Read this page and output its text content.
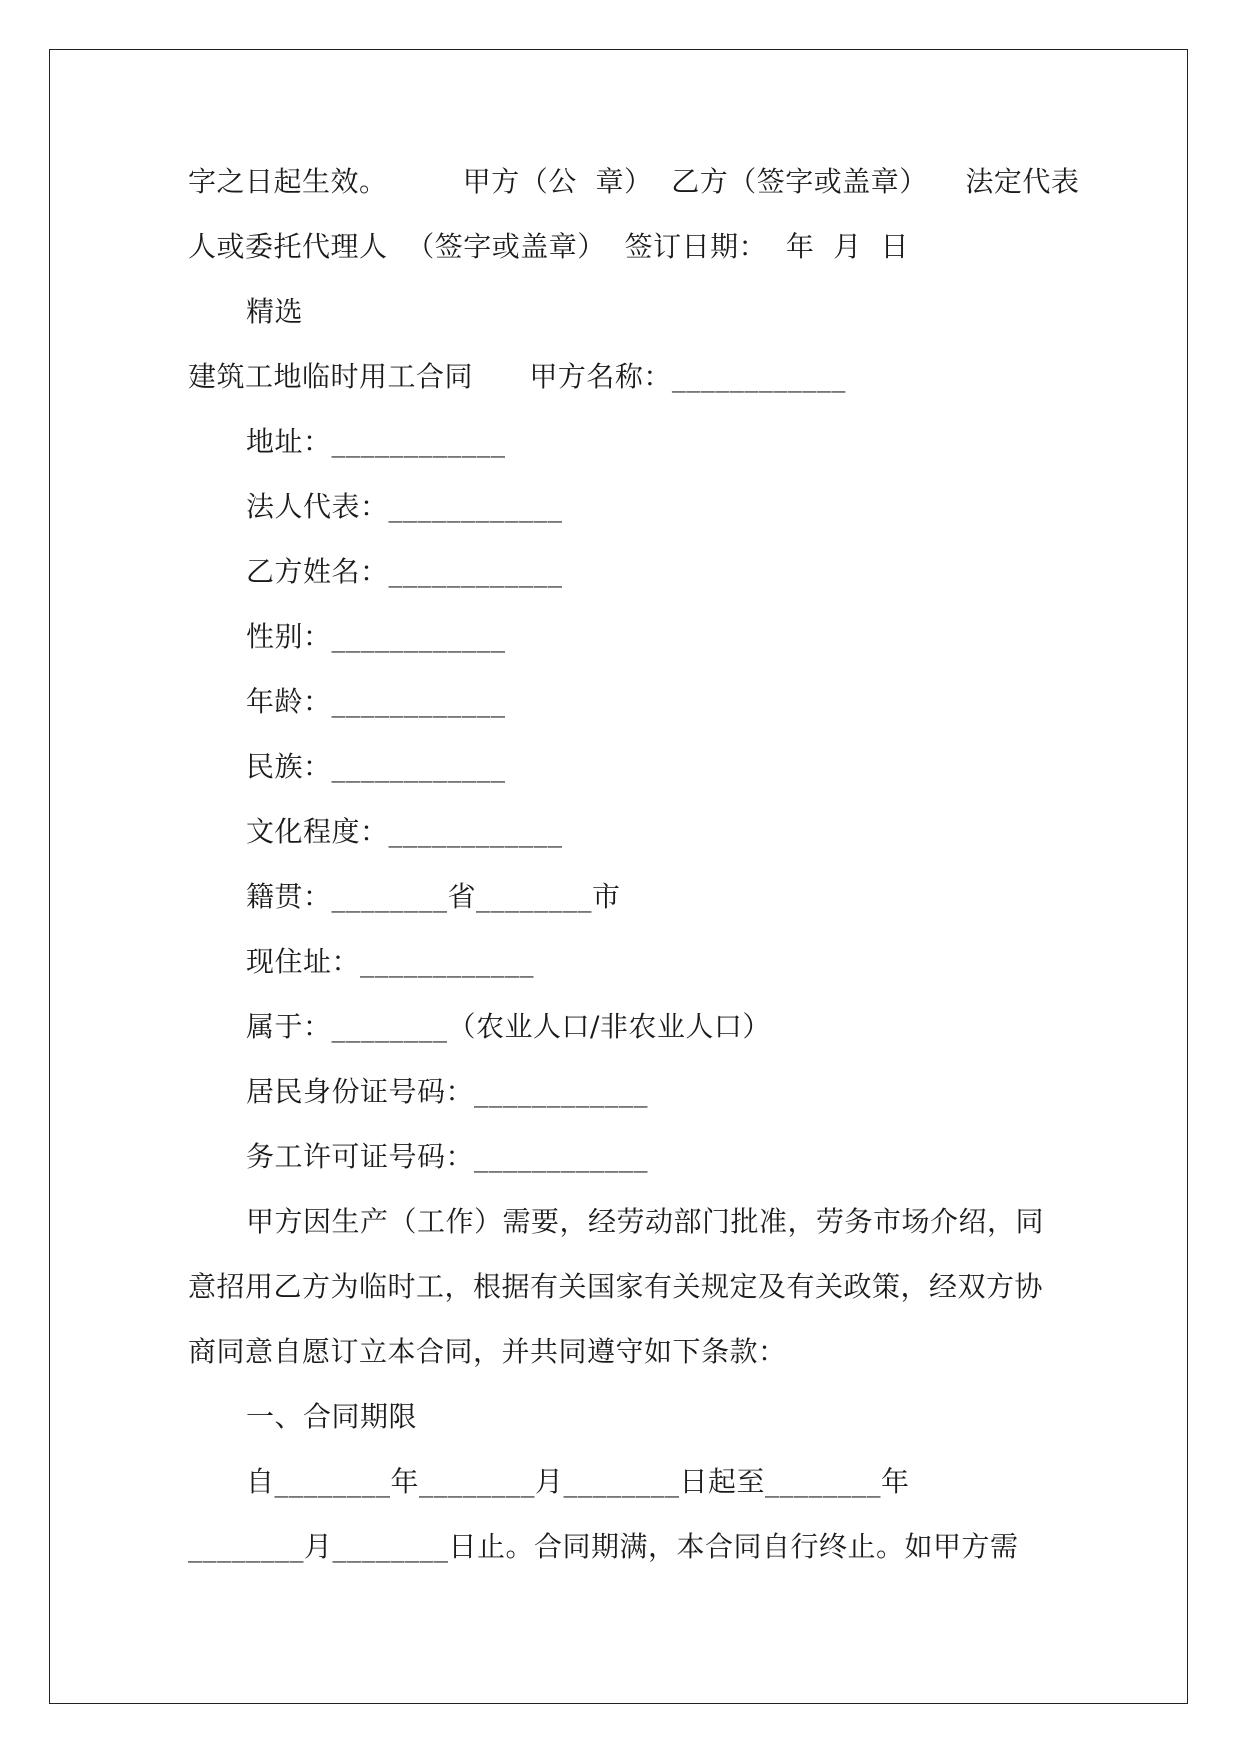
字之日起生效。        甲方（公  章）  乙方（签字或盖章）    法定代表
人或委托代理人  （签字或盖章）  签订日期：  年  月  日
精选
建筑工地临时用工合同      甲方名称：____________
地址：____________
法人代表：____________
乙方姓名：____________
性别：____________
年龄：____________
民族：____________
文化程度：____________
籍贯：________省________市
现住址：____________
属于：________（农业人口/非农业人口）
居民身份证号码：____________
务工许可证号码：____________
甲方因生产（工作）需要，经劳动部门批准，劳务市场介绍，同
意招用乙方为临时工，根据有关国家有关规定及有关政策，经双方协
商同意自愿订立本合同，并共同遵守如下条款：
一、合同期限
自________年________月________日起至________年
________月________日止。合同期满，本合同自行终止。如甲方需
